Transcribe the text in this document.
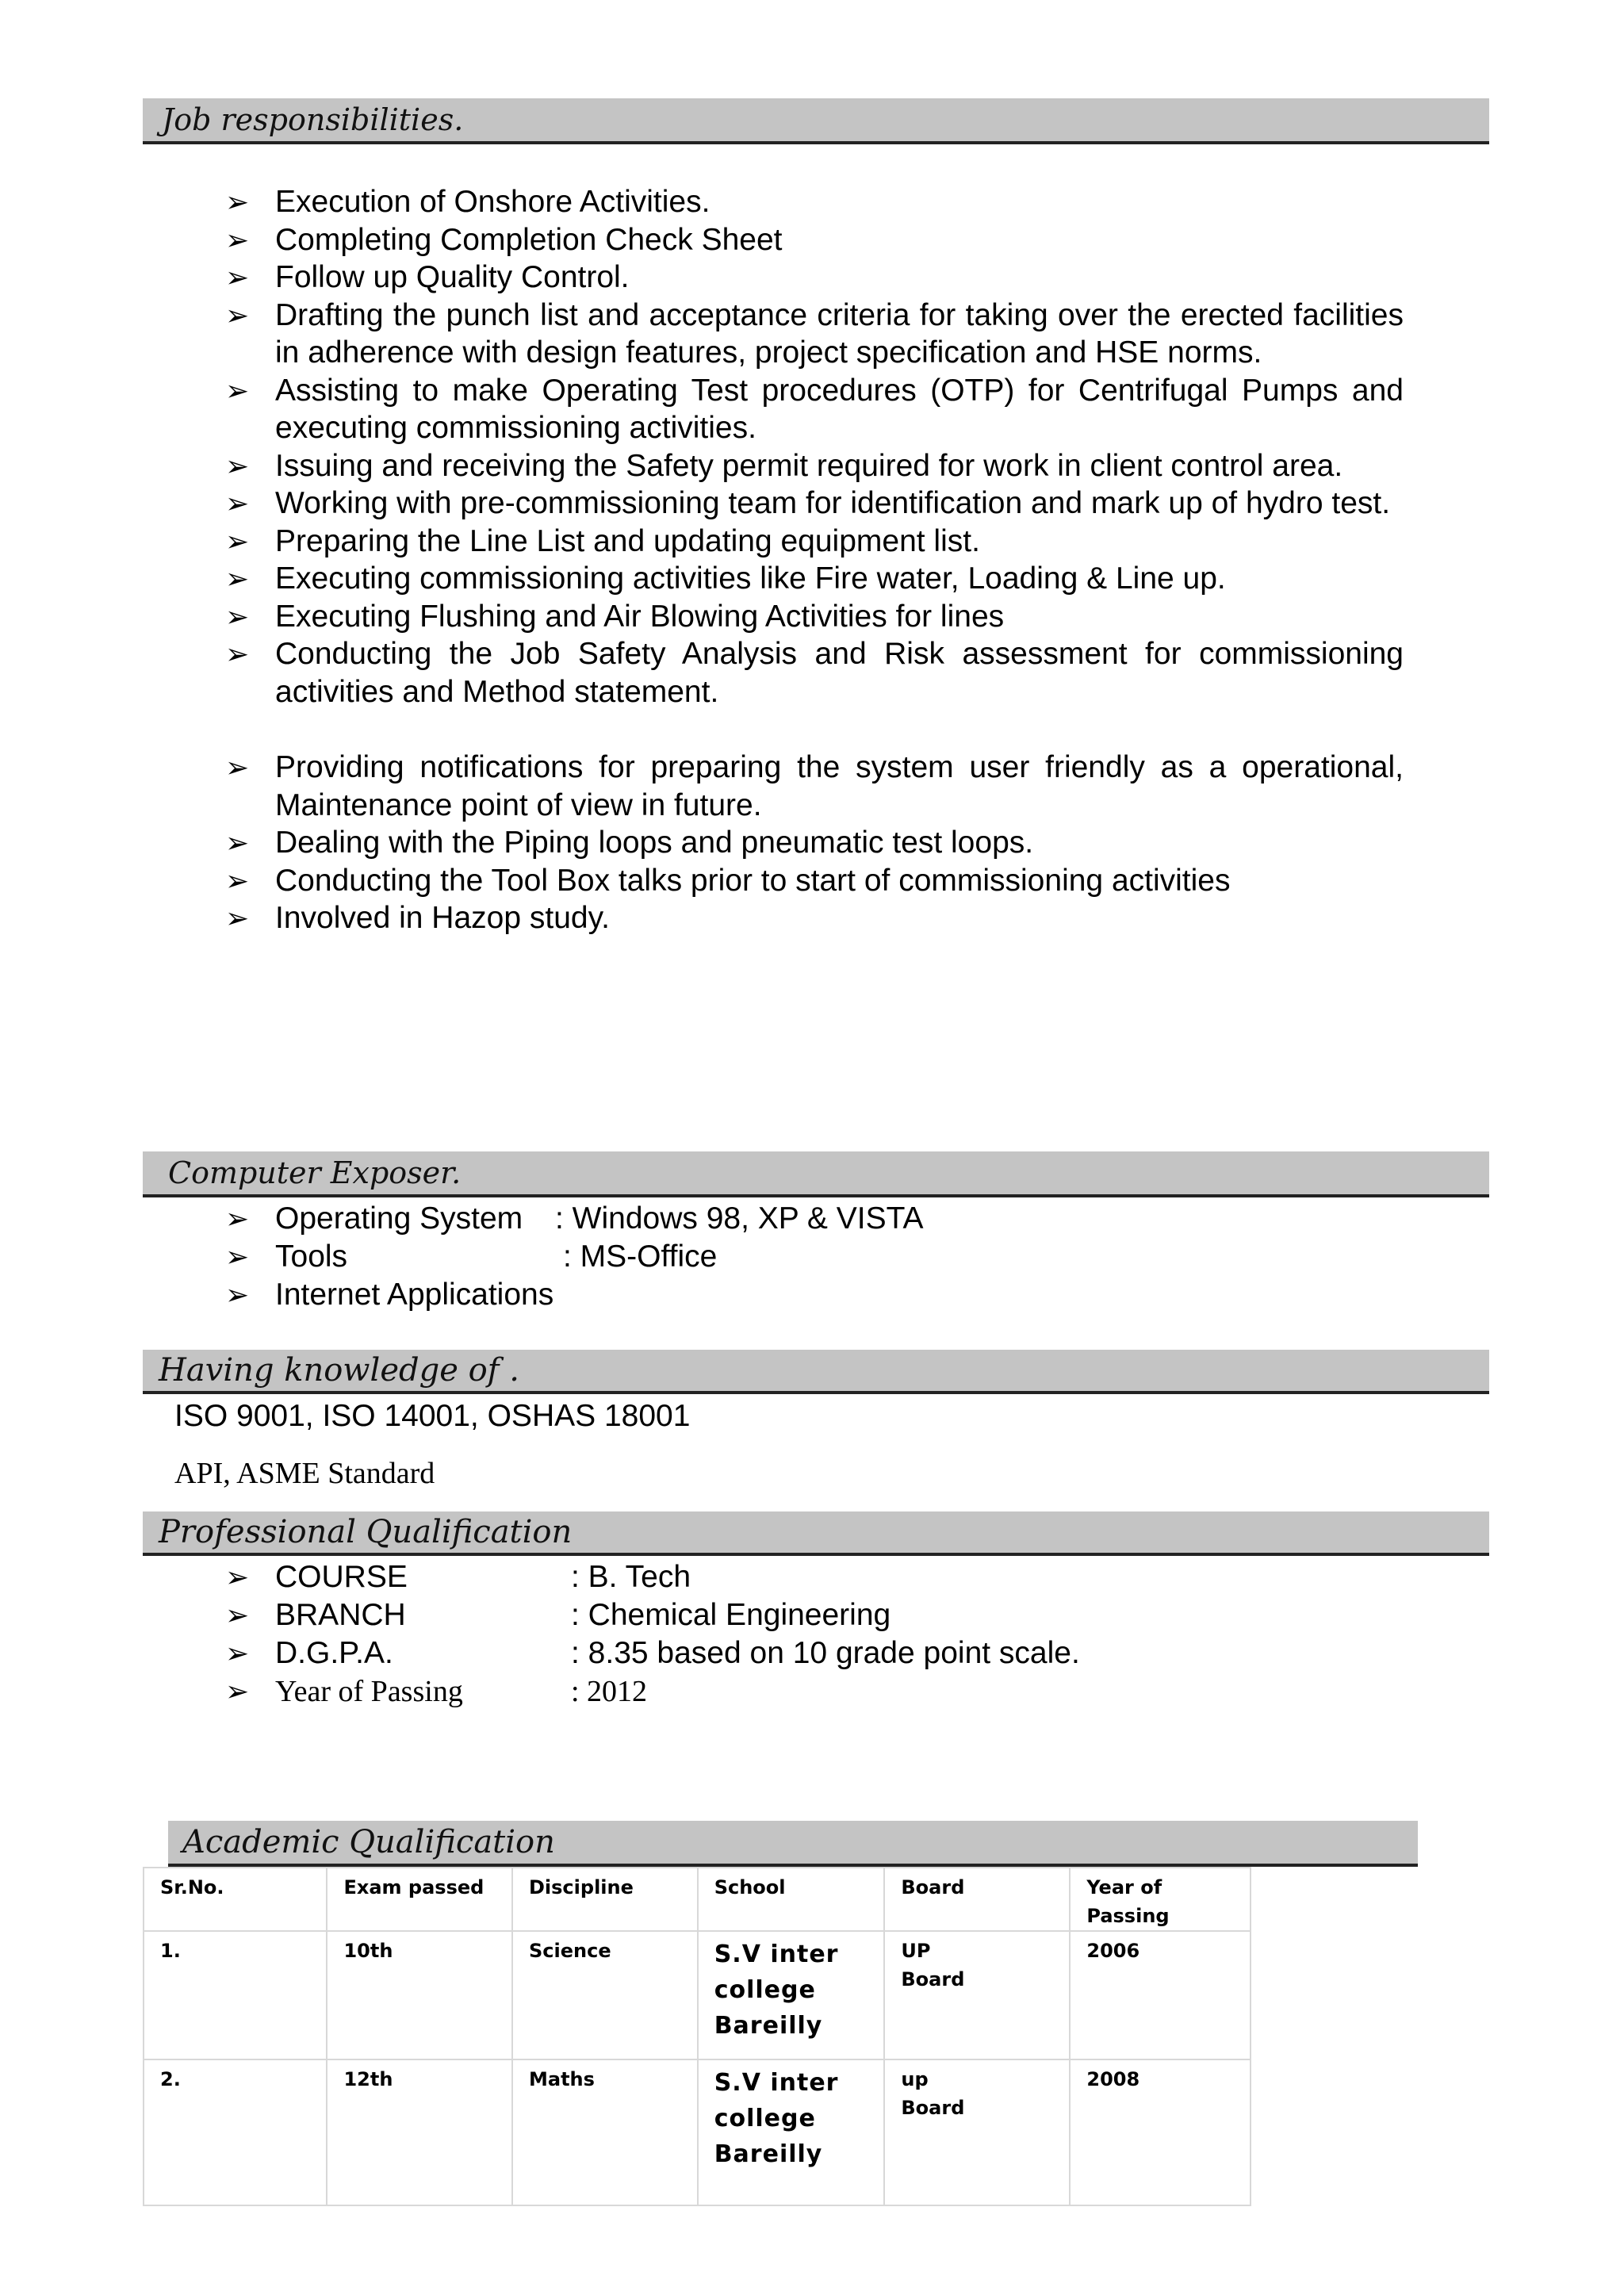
Job responsibilities.
➢ Execution of Onshore Activities.
➢ Completing Completion Check Sheet
➢ Follow up Quality Control.
➢ Drafting the punch list and acceptance criteria for taking over the erected facilities in adherence with design features, project specification and HSE norms.
➢ Assisting to make Operating Test procedures (OTP) for Centrifugal Pumps and executing commissioning activities.
➢ Issuing and receiving the Safety permit required for work in client control area.
➢ Working with pre-commissioning team for identification and mark up of hydro test.
➢ Preparing the Line List and updating equipment list.
➢ Executing commissioning activities like Fire water, Loading & Line up.
➢ Executing Flushing and Air Blowing Activities for lines
➢ Conducting the Job Safety Analysis and Risk assessment for commissioning activities and Method statement.
➢ Providing notifications for preparing the system user friendly as a operational, Maintenance point of view in future.
➢ Dealing with the Piping loops and pneumatic test loops.
➢ Conducting the Tool Box talks prior to start of commissioning activities
➢ Involved in Hazop study.
Computer Exposer.
➢ Operating System : Windows 98, XP & VISTA
➢ Tools	: MS-Office
➢ Internet Applications
Having knowledge of .
ISO 9001, ISO 14001, OSHAS 18001
API, ASME Standard
Professional Qualification
➢ COURSE	: B. Tech
➢ BRANCH	: Chemical Engineering
➢ D.G.P.A.	: 8.35 based on 10 grade point scale.
➢ Year of Passing	: 2012
Academic Qualification
Sr.No.	Exam passed	Discipline	School	Board	Year of Passing
1.	10th	Science	S.V inter college Bareilly	UP Board	2006
2.	12th	Maths	S.V inter college Bareilly	up Board	2008
